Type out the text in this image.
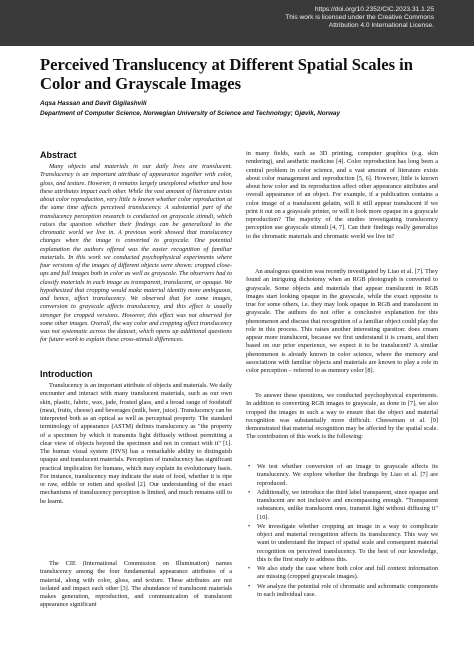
https://doi.org/10.2352/CIC.2023.31.1.25
This work is licensed under the Creative Commons
Attribution 4.0 International License.
Perceived Translucency at Different Spatial Scales in Color and Grayscale Images
Aqsa Hassan and Davit Gigilashvili
Department of Computer Science, Norwegian University of Science and Technology; Gjøvik, Norway
Abstract
Many objects and materials in our daily lives are translucent. Translucency is an important attribute of appearance together with color, gloss, and texture. However, it remains largely unexplored whether and how these attributes impact each other. While the vast amount of literature exists about color reproduction, very little is known whether color reproduction at the same time affects perceived translucency. A substantial part of the translucency perception research is conducted on grayscale stimuli, which raises the question whether their findings can be generalized to the chromatic world we live in. A previous work showed that translucency changes when the image is converted to grayscale. One potential explanation the authors offered was the easier recognition of familiar materials. In this work we conducted psychophysical experiments where four versions of the images of different objects were shown: cropped close-ups and full images both in color as well as grayscale. The observers had to classify materials in each image as transparent, translucent, or opaque. We hypothesized that cropping would make material identity more ambiguous, and hence, affect translucency. We observed that for some images, conversion to grayscale affects translucency, and this effect is usually stronger for cropped versions. However, this effect was not observed for some other images. Overall, the way color and cropping affect translucency was not systematic across the dataset, which opens up additional questions for future work to explain these cross-stimuli differences.
Introduction
Translucency is an important attribute of objects and materials. We daily encounter and interact with many translucent materials, such as our own skin, plastic, fabric, wax, jade, frosted glass, and a broad range of foodstuff (meat, fruits, cheese) and beverages (milk, beer, juice). Translucency can be interpreted both as an optical as well as perceptual property. The standard terminology of appearance (ASTM) defines translucency as "the property of a specimen by which it transmits light diffusely without permitting a clear view of objects beyond the specimen and not in contact with it" [1]. The human visual system (HVS) has a remarkable ability to distinguish opaque and translucent materials. Perception of translucency has significant practical implication for humans, which may explain its evolutionary basis. For instance, translucency may indicate the state of food, whether it is ripe or raw, edible or rotten and spoiled [2]. Our understanding of the exact mechanisms of translucency perception is limited, and much remains still to be learnt.
The CIE (International Commission on Illumination) names translucency among the four fundamental appearance attributes of a material, along with color, gloss, and texture. These attributes are not isolated and impact each other [3]. The abundance of translucent materials makes generation, reproduction, and communication of translucent appearance significant
in many fields, such as 3D printing, computer graphics (e.g. skin rendering), and aesthetic medicine [4]. Color reproduction has long been a central problem in color science, and a vast amount of literature exists about color management and reproduction [5, 6]. However, little is known about how color and its reproduction affect other appearance attributes and overall appearance of an object. For example, if a publication contains a color image of a translucent gelatin, will it still appear translucent if we print it out on a grayscale printer, or will it look more opaque in a grayscale reproduction? The majority of the studies investigating translucency perception use grayscale stimuli [4, 7]. Can their findings really generalize to the chromatic materials and chromatic world we live in?
An analogous question was recently investigated by Liao et al. [7]. They found an intriguing dichotomy when an RGB photograph is converted to grayscale. Some objects and materials that appear translucent in RGB images start looking opaque in the grayscale, while the exact opposite is true for some others, i.e. they may look opaque in RGB and translucent in grayscale. The authors do not offer a conclusive explanation for this phenomenon and discuss that recognition of a familiar object could play the role in this process. This raises another interesting question: does cream appear more translucent, because we first understand it is cream, and then based on our prior experience, we expect it to be translucent? A similar phenomenon is already known in color science, where the memory and associations with familiar objects and materials are known to play a role in color perception – referred to as memory color [8].
To answer these questions, we conducted psychophysical experiments. In addition to converting RGB images to grayscale, as done in [7], we also cropped the images in such a way to ensure that the object and material recognition was substantially more difficult. Cheeseman et al. [9] demonstrated that material recognition may be affected by the spatial scale. The contribution of this work is the following:
• We test whether conversion of an image to grayscale affects its translucency. We explore whether the findings by Liao et al. [7] are reproduced.
• Additionally, we introduce the third label transparent, since opaque and translucent are not inclusive and encompassing enough. "Transparent substances, unlike translucent ones, transmit light without diffusing it" [10].
• We investigate whether cropping an image in a way to complicate object and material recognition affects its translucency. This way we want to understand the impact of spatial scale and consequent material recognition on perceived translucency. To the best of our knowledge, this is the first study to address this.
• We also study the case where both color and full context information are missing (cropped grayscale images).
• We analyze the potential role of chromatic and achromatic components in each individual case.
